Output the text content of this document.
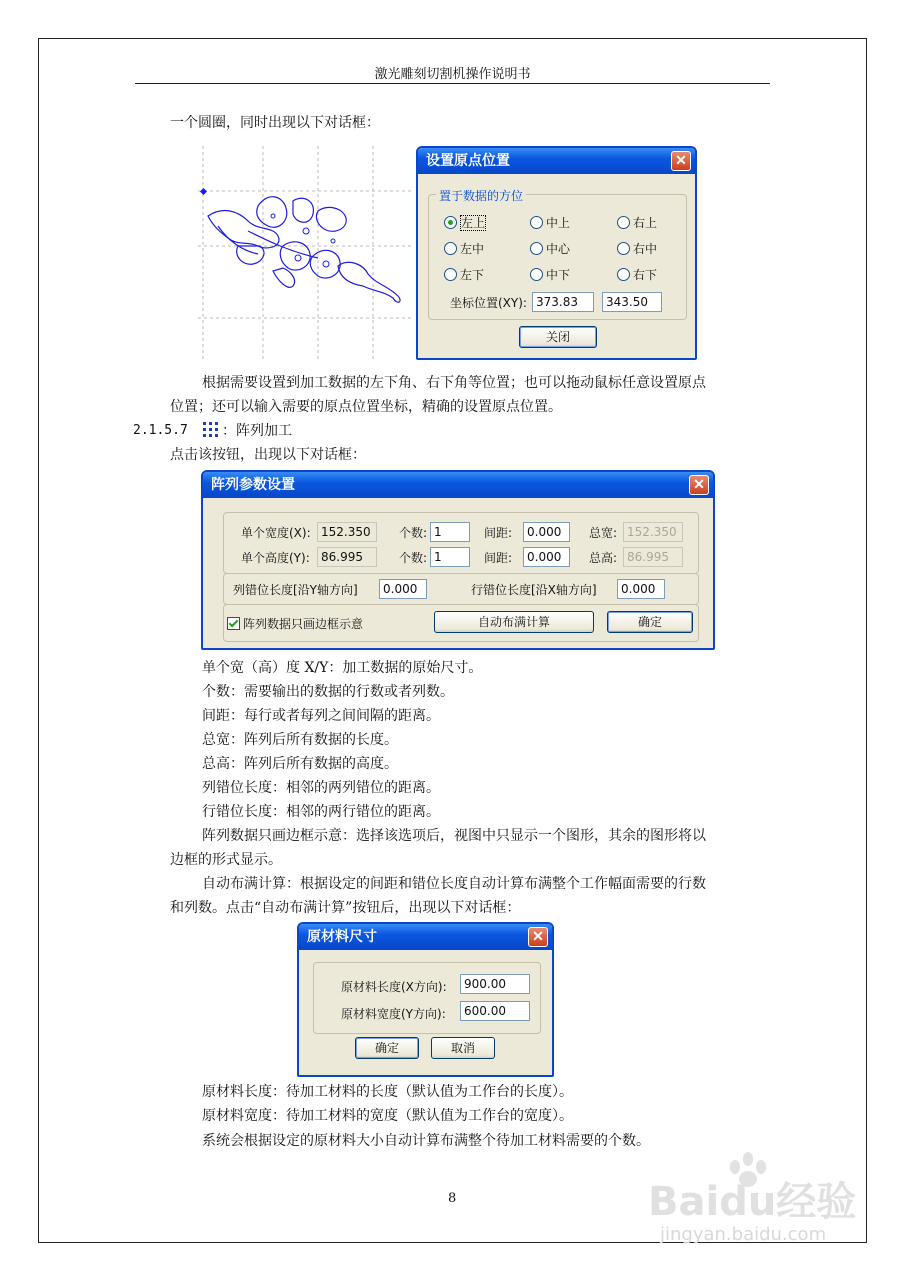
激光雕刻切割机操作说明书
一个圆圈，同时出现以下对话框：
设置原点位置	✕
置于数据的方位
左上	中上	右上
左中	中心	右中
左下	中下	右下
坐标位置(XY): 373.83	343.50
关闭
根据需要设置到加工数据的左下角、右下角等位置；也可以拖动鼠标任意设置原点
位置；还可以输入需要的原点位置坐标，精确的设置原点位置。
2.1.5.7 ：阵列加工
点击该按钮，出现以下对话框：
阵列参数设置	✕
单个宽度(X): 152.350	个数: 1	间距:	0.000	总宽: 152.350
单个高度(Y): 86.995	个数: 1	间距:	0.000	总高: 86.995
列错位长度[沿Y轴方向]	0.000	行错位长度[沿X轴方向]	0.000
阵列数据只画边框示意	自动布满计算	确定
单个宽（高）度 X/Y：加工数据的原始尺寸。
个数：需要输出的数据的行数或者列数。
间距：每行或者每列之间间隔的距离。
总宽：阵列后所有数据的长度。
总高：阵列后所有数据的高度。
列错位长度：相邻的两列错位的距离。
行错位长度：相邻的两行错位的距离。
阵列数据只画边框示意：选择该选项后，视图中只显示一个图形，其余的图形将以
边框的形式显示。
自动布满计算：根据设定的间距和错位长度自动计算布满整个工作幅面需要的行数
和列数。点击“自动布满计算”按钮后，出现以下对话框：
原材料尺寸	✕
原材料长度(X方向):	900.00
原材料宽度(Y方向):	600.00
确定	取消
原材料长度：待加工材料的长度（默认值为工作台的长度）。
原材料宽度：待加工材料的宽度（默认值为工作台的宽度）。
系统会根据设定的原材料大小自动计算布满整个待加工材料需要的个数。
8	Baidu经验
jingyan.baidu.com
